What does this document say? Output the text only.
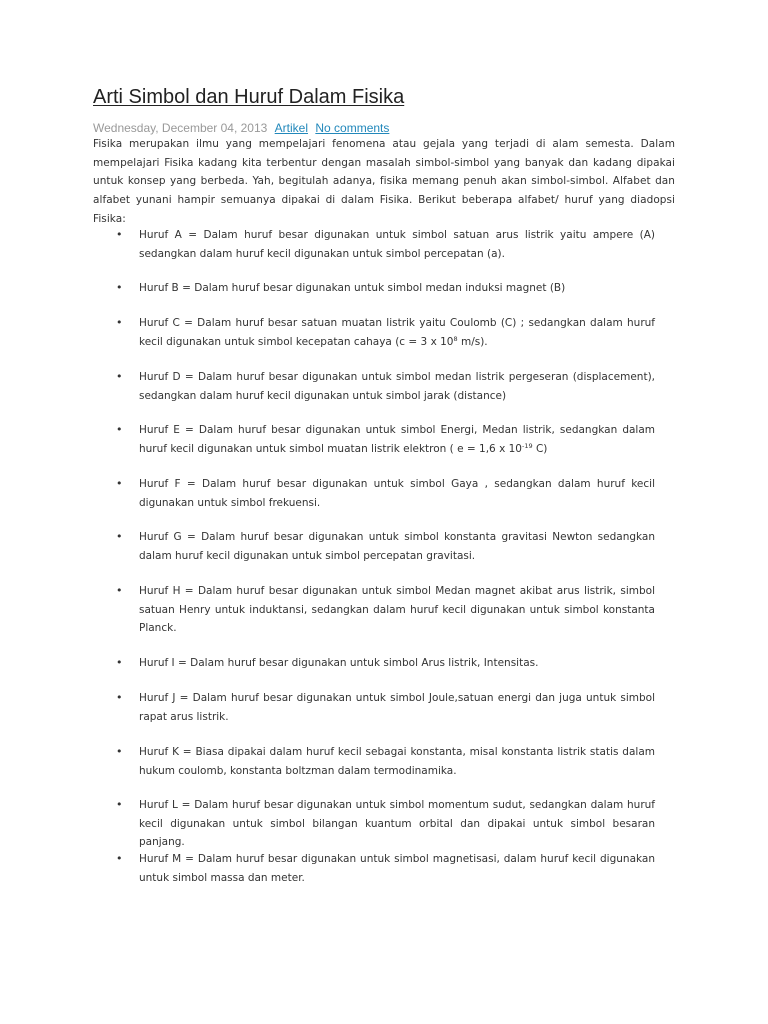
Arti Simbol dan Huruf Dalam Fisika
Wednesday, December 04, 2013 Artikel No comments

Fisika merupakan ilmu yang mempelajari fenomena atau gejala yang terjadi di alam semesta. Dalam mempelajari Fisika kadang kita terbentur dengan masalah simbol-simbol yang banyak dan kadang dipakai untuk konsep yang berbeda. Yah, begitulah adanya, fisika memang penuh akan simbol-simbol. Alfabet dan alfabet yunani hampir semuanya dipakai di dalam Fisika. Berikut beberapa alfabet/ huruf yang diadopsi Fisika:

• Huruf A = Dalam huruf besar digunakan untuk simbol satuan arus listrik yaitu ampere (A) sedangkan dalam huruf kecil digunakan untuk simbol percepatan (a).
• Huruf B = Dalam huruf besar digunakan untuk simbol medan induksi magnet (B)
• Huruf C = Dalam huruf besar satuan muatan listrik yaitu Coulomb (C) ; sedangkan dalam huruf kecil digunakan untuk simbol kecepatan cahaya (c = 3 x $10^8$ m/s).
• Huruf D = Dalam huruf besar digunakan untuk simbol medan listrik pergeseran (displacement), sedangkan dalam huruf kecil digunakan untuk simbol jarak (distance)
• Huruf E = Dalam huruf besar digunakan untuk simbol Energi, Medan listrik, sedangkan dalam huruf kecil digunakan untuk simbol muatan listrik elektron ( e = 1,6 x $10^{-19}$ C)
• Huruf F = Dalam huruf besar digunakan untuk simbol Gaya , sedangkan dalam huruf kecil digunakan untuk simbol frekuensi.
• Huruf G = Dalam huruf besar digunakan untuk simbol konstanta gravitasi Newton sedangkan dalam huruf kecil digunakan untuk simbol percepatan gravitasi.
• Huruf H = Dalam huruf besar digunakan untuk simbol Medan magnet akibat arus listrik, simbol satuan Henry untuk induktansi, sedangkan dalam huruf kecil digunakan untuk simbol konstanta Planck.
• Huruf I = Dalam huruf besar digunakan untuk simbol Arus listrik, Intensitas.
• Huruf J = Dalam huruf besar digunakan untuk simbol Joule,satuan energi dan juga untuk simbol rapat arus listrik.
• Huruf K = Biasa dipakai dalam huruf kecil sebagai konstanta, misal konstanta listrik statis dalam hukum coulomb, konstanta boltzman dalam termodinamika.
• Huruf L = Dalam huruf besar digunakan untuk simbol momentum sudut, sedangkan dalam huruf kecil digunakan untuk simbol bilangan kuantum orbital dan dipakai untuk simbol besaran panjang.
• Huruf M = Dalam huruf besar digunakan untuk simbol magnetisasi, dalam huruf kecil digunakan untuk simbol massa dan meter.
